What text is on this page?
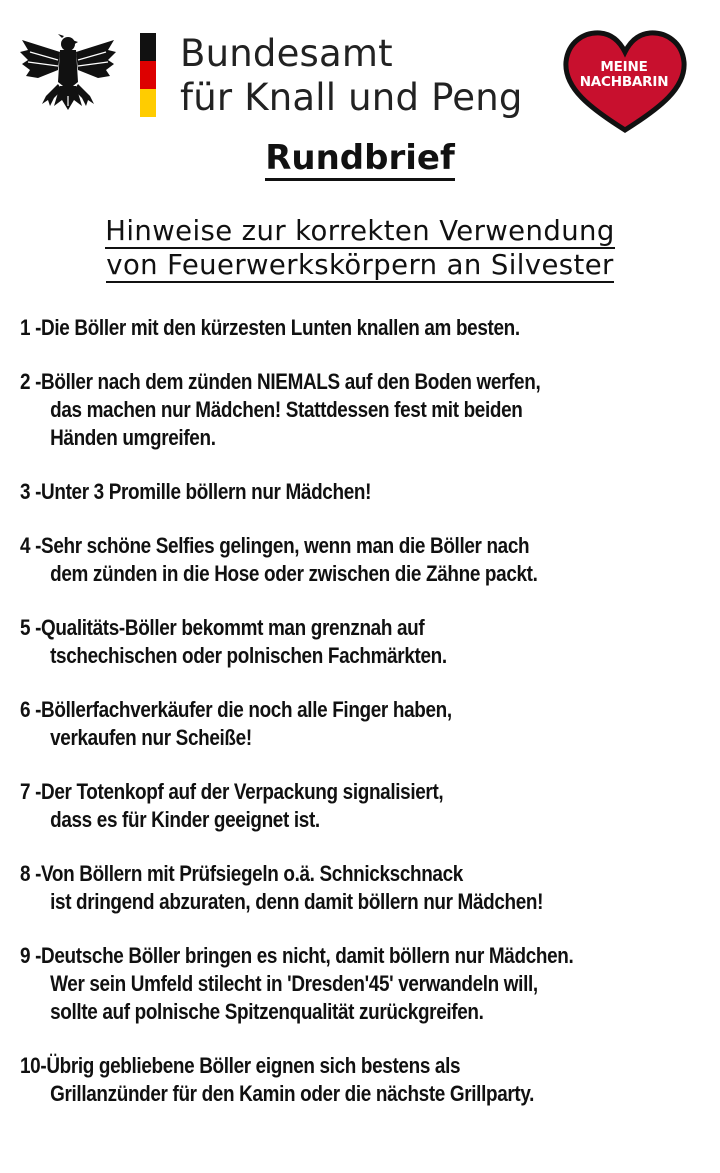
Bundesamt
für Knall und Peng
MEINE
NACHBARIN
Rundbrief
Hinweise zur korrekten Verwendung
von Feuerwerkskörpern an Silvester
1 -Die Böller mit den kürzesten Lunten knallen am besten.
2 -Böller nach dem zünden NIEMALS auf den Boden werfen,
das machen nur Mädchen! Stattdessen fest mit beiden
Händen umgreifen.
3 -Unter 3 Promille böllern nur Mädchen!
4 -Sehr schöne Selfies gelingen, wenn man die Böller nach
dem zünden in die Hose oder zwischen die Zähne packt.
5 -Qualitäts-Böller bekommt man grenznah auf
tschechischen oder polnischen Fachmärkten.
6 -Böllerfachverkäufer die noch alle Finger haben,
verkaufen nur Scheiße!
7 -Der Totenkopf auf der Verpackung signalisiert,
dass es für Kinder geeignet ist.
8 -Von Böllern mit Prüfsiegeln o.ä. Schnickschnack
ist dringend abzuraten, denn damit böllern nur Mädchen!
9 -Deutsche Böller bringen es nicht, damit böllern nur Mädchen.
Wer sein Umfeld stilecht in 'Dresden'45' verwandeln will,
sollte auf polnische Spitzenqualität zurückgreifen.
10-Übrig gebliebene Böller eignen sich bestens als
Grillanzünder für den Kamin oder die nächste Grillparty.
